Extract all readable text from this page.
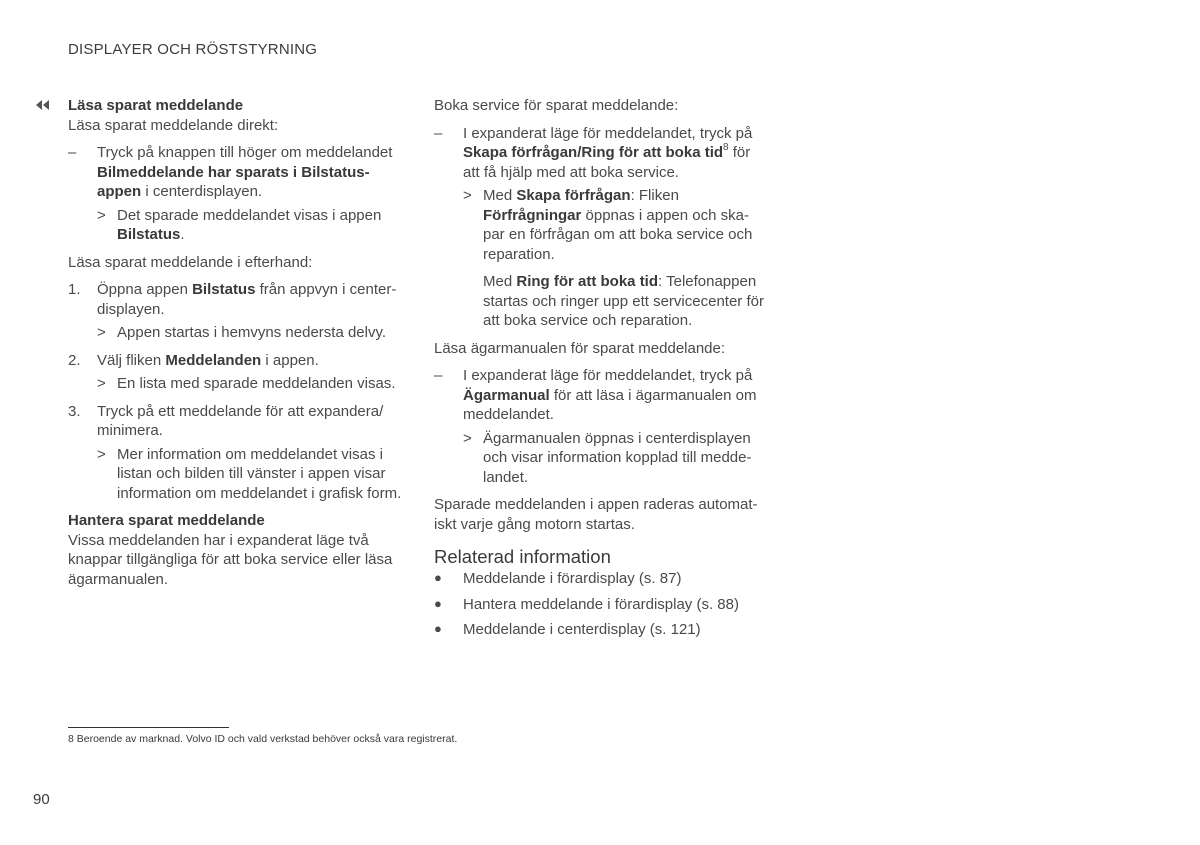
DISPLAYER OCH RÖSTSTYRNING
Läsa sparat meddelande

Läsa sparat meddelande direkt:

– Tryck på knappen till höger om meddelandet Bilmeddelande har sparats i Bilstatus-
appen i centerdisplayen.
> Det sparade meddelandet visas i appen Bilstatus.

Läsa sparat meddelande i efterhand:

1. Öppna appen Bilstatus från appvyn i center-displayen.
> Appen startas i hemvyns nedersta delvy.
2. Välj fliken Meddelanden i appen.
> En lista med sparade meddelanden visas.
3. Tryck på ett meddelande för att expandera/ minimera.
> Mer information om meddelandet visas i listan och bilden till vänster i appen visar information om meddelandet i grafisk form.
Hantera sparat meddelande

Vissa meddelanden har i expanderat läge två knappar tillgängliga för att boka service eller läsa ägarmanualen.

Boka service för sparat meddelande:

– I expanderat läge för meddelandet, tryck på Skapa förfrågan/Ring för att boka tid$^8$ för att få hjälp med att boka service.
> Med Skapa förfrågan: Fliken Förfrågningar öppnas i appen och ska-par en förfrågan om att boka service och reparation.
Med Ring för att boka tid: Telefonappen startas och ringer upp ett servicecenter för att boka service och reparation.

Läsa ägarmanualen för sparat meddelande:

– I expanderat läge för meddelandet, tryck på Ägarmanual för att läsa i ägarmanualen om meddelandet.
> Ägarmanualen öppnas i centerdisplayen och visar information kopplad till medde-landet.

Sparade meddelanden i appen raderas automat-iskt varje gång motorn startas.

Relaterad information
● Meddelande i förardisplay (s. 87)
● Hantera meddelande i förardisplay (s. 88)
● Meddelande i centerdisplay (s. 121)
8 Beroende av marknad. Volvo ID och vald verkstad behöver också vara registrerat.
90
